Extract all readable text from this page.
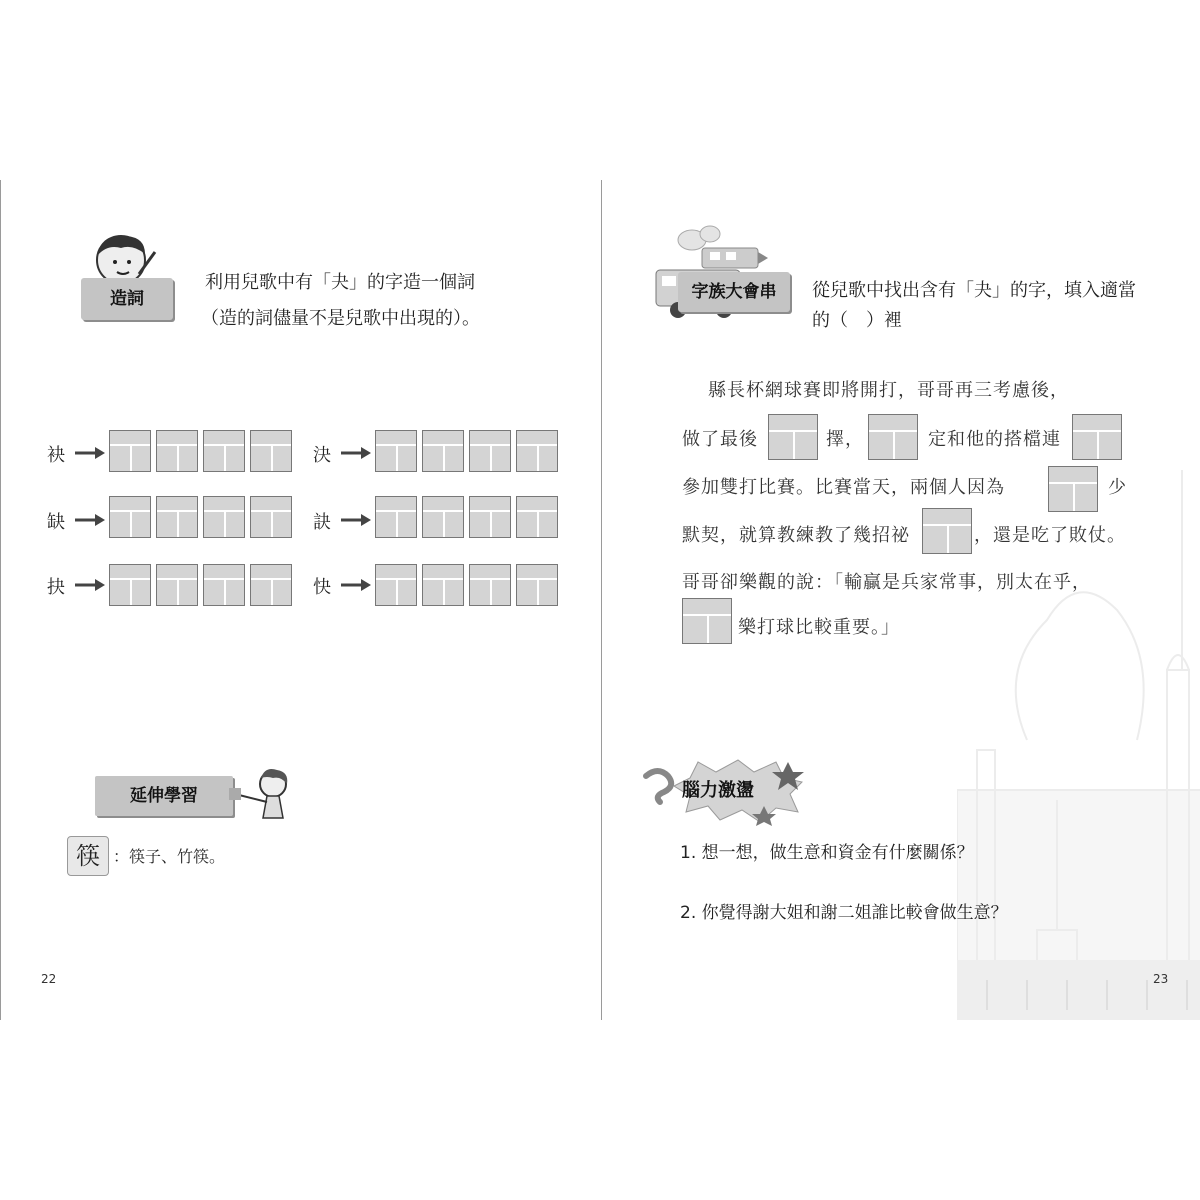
造詞
利用兒歌中有「夬」的字造一個詞
（造的詞儘量不是兒歌中出現的）。
袂	決
缺	訣
抉	快
延伸學習
筷 ：筷子、竹筷。
22
字族大會串	從兒歌中找出含有「夬」的字，填入適當
的（　）裡
縣長杯網球賽即將開打，哥哥再三考慮後，
做了最後	擇，	定和他的搭檔連
參加雙打比賽。比賽當天，兩個人因為	少
默契，就算教練教了幾招祕	，還是吃了敗仗。
哥哥卻樂觀的說：「輸贏是兵家常事，別太在乎，
樂打球比較重要。」
腦力激盪
1. 想一想，做生意和資金有什麼關係？
2. 你覺得謝大姐和謝二姐誰比較會做生意？
23
